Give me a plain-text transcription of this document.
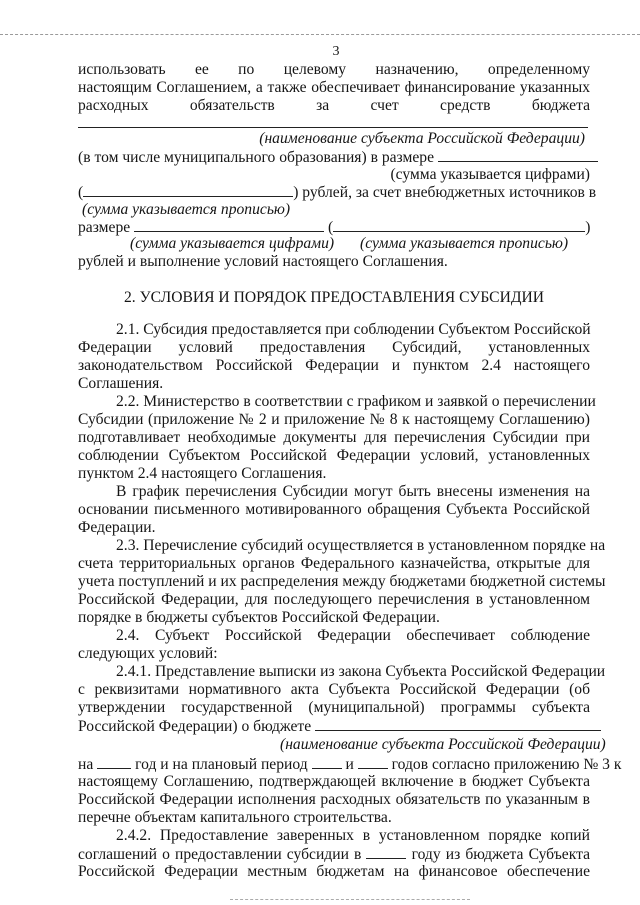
3
использовать ее по целевому назначению, определенному
настоящим Соглашением, а также обеспечивает финансирование указанных
расходных обязательств за счет средств бюджета
(наименование субъекта Российской Федерации)
(в том числе муниципального образования) в размере
(сумма указывается цифрами)
(	) рублей, за счет внебюджетных источников в
(сумма указывается прописью)
размере	(	)
(сумма указывается цифрами) (сумма указывается прописью)
рублей и выполнение условий настоящего Соглашения.
2. УСЛОВИЯ И ПОРЯДОК ПРЕДОСТАВЛЕНИЯ СУБСИДИИ
2.1. Субсидия предоставляется при соблюдении Субъектом Российской
Федерации условий предоставления Субсидий, установленных
законодательством Российской Федерации и пунктом 2.4 настоящего
Соглашения.
2.2. Министерство в соответствии с графиком и заявкой о перечислении
Субсидии (приложение № 2 и приложение № 8 к настоящему Соглашению)
подготавливает необходимые документы для перечисления Субсидии при
соблюдении Субъектом Российской Федерации условий, установленных
пунктом 2.4 настоящего Соглашения.
В график перечисления Субсидии могут быть внесены изменения на
основании письменного мотивированного обращения Субъекта Российской
Федерации.
2.3. Перечисление субсидий осуществляется в установленном порядке на
счета территориальных органов Федерального казначейства, открытые для
учета поступлений и их распределения между бюджетами бюджетной системы
Российской Федерации, для последующего перечисления в установленном
порядке в бюджеты субъектов Российской Федерации.
2.4. Субъект Российской Федерации обеспечивает соблюдение
следующих условий:
2.4.1. Представление выписки из закона Субъекта Российской Федерации
с реквизитами нормативного акта Субъекта Российской Федерации (об
утверждении государственной (муниципальной) программы субъекта
Российской Федерации) о бюджете
(наименование субъекта Российской Федерации)
на	год и на плановый период и годов согласно приложению № 3 к
настоящему Соглашению, подтверждающей включение в бюджет Субъекта
Российской Федерации исполнения расходных обязательств по указанным в
перечне объектам капитального строительства.
2.4.2. Предоставление заверенных в установленном порядке копий
соглашений о предоставлении субсидии в	году из бюджета Субъекта
Российской Федерации местным бюджетам на финансовое обеспечение
